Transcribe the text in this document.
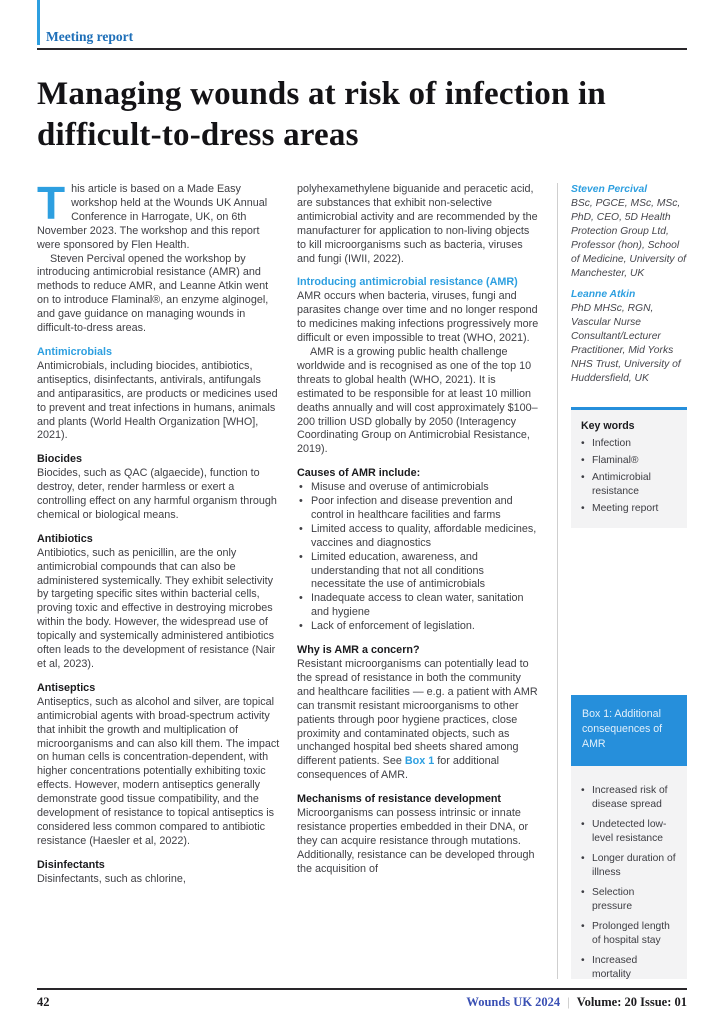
Meeting report
Managing wounds at risk of infection in
difficult-to-dress areas

This article is based on a Made Easy workshop held at the Wounds UK Annual Conference in Harrogate, UK, on 6th November 2023. The workshop and this report were sponsored by Flen Health.

Steven Percival opened the workshop by introducing antimicrobial resistance (AMR) and methods to reduce AMR, and Leanne Atkin went on to introduce Flaminal®, an enzyme alginogel, and gave guidance on managing wounds in difficult-to-dress areas.

Antimicrobials

Antimicrobials, including biocides, antibiotics, antiseptics, disinfectants, antivirals, antifungals and antiparasitics, are products or medicines used to prevent and treat infections in humans, animals and plants (World Health Organization [WHO], 2021).

Biocides

Biocides, such as QAC (algaecide), function to destroy, deter, render harmless or exert a controlling effect on any harmful organism through chemical or biological means.

Antibiotics

Antibiotics, such as penicillin, are the only antimicrobial compounds that can also be administered systemically. They exhibit selectivity by targeting specific sites within bacterial cells, proving toxic and effective in destroying microbes within the body. However, the widespread use of topically and systemically administered antibiotics often leads to the development of resistance (Nair et al, 2023).

Antiseptics

Antiseptics, such as alcohol and silver, are topical antimicrobial agents with broad-spectrum activity that inhibit the growth and multiplication of microorganisms and can also kill them. The impact on human cells is concentration-dependent, with higher concentrations potentially exhibiting toxic effects. However, modern antiseptics generally demonstrate good tissue compatibility, and the development of resistance to topical antiseptics is considered less common compared to antibiotic resistance (Haesler et al, 2022).

Disinfectants

Disinfectants, such as chlorine,

polyhexamethylene biguanide and peracetic acid, are substances that exhibit non-selective antimicrobial activity and are recommended by the manufacturer for application to non-living objects to kill microorganisms such as bacteria, viruses and fungi (IWII, 2022).

Introducing antimicrobial resistance (AMR)

AMR occurs when bacteria, viruses, fungi and parasites change over time and no longer respond to medicines making infections progressively more difficult or even impossible to treat (WHO, 2021).

AMR is a growing public health challenge worldwide and is recognised as one of the top 10 threats to global health (WHO, 2021). It is estimated to be responsible for at least 10 million deaths annually and will cost approximately $100–200 trillion USD globally by 2050 (Interagency Coordinating Group on Antimicrobial Resistance, 2019).

Causes of AMR include:
• Misuse and overuse of antimicrobials
• Poor infection and disease prevention and control in healthcare facilities and farms
• Limited access to quality, affordable medicines, vaccines and diagnostics
• Limited education, awareness, and understanding that not all conditions necessitate the use of antimicrobials
• Inadequate access to clean water, sanitation and hygiene
• Lack of enforcement of legislation.
Why is AMR a concern?

Resistant microorganisms can potentially lead to the spread of resistance in both the community and healthcare facilities — e.g. a patient with AMR can transmit resistant microorganisms to other patients through poor hygiene practices, close proximity and contaminated objects, such as unchanged hospital bed sheets shared among different patients. See Box 1 for additional consequences of AMR.

Mechanisms of resistance development

Microorganisms can possess intrinsic or innate resistance properties embedded in their DNA, or they can acquire resistance through mutations. Additionally, resistance can be developed through the acquisition of

Steven Percival
BSc, PGCE, MSc, MSc, PhD, CEO, 5D Health Protection Group Ltd, Professor (hon), School of Medicine, University of Manchester, UK
Leanne Atkin
PhD MHSc, RGN, Vascular Nurse Consultant/Lecturer Practitioner, Mid Yorks NHS Trust, University of Huddersfield, UK
Key words
• Infection
• Flaminal®
• Antimicrobial resistance
• Meeting report
Box 1: Additional consequences of AMR
• Increased risk of disease spread
• Undetected low-level resistance
• Longer duration of illness
• Selection pressure
• Prolonged length of hospital stay
• Increased mortality
42	Wounds UK 2024 | Volume: 20 Issue: 01
